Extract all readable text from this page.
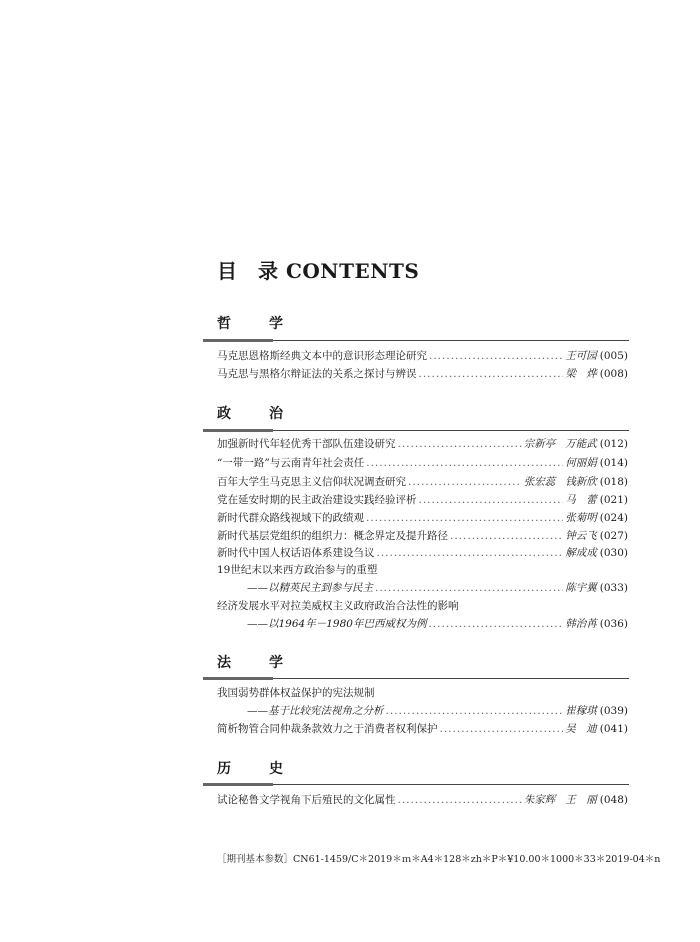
目　录 CONTENTS
哲　学
马克思恩格斯经典文本中的意识形态理论研究 .....	王可园 (005)
马克思与黑格尔辩证法的关系之探讨与辨误 .....	梁　烨 (008)
政　治
加强新时代年轻优秀干部队伍建设研究 .....	宗新亭 万能武 (012)
“一带一路”与云南青年社会责任 .....	何丽娟 (014)
百年大学生马克思主义信仰状况调查研究 .....	张宏蕊 钱新欣 (018)
党在延安时期的民主政治建设实践经验评析 .....	马　蕾 (021)
新时代群众路线视域下的政绩观 .....	张菊明 (024)
新时代基层党组织的组织力：概念界定及提升路径 .....	钟云飞 (027)
新时代中国人权话语体系建设刍议 .....	解成成 (030)
19世纪末以来西方政治参与的重塑
——以精英民主到参与民主 .....	陈宇翼 (033)
经济发展水平对拉美威权主义政府政治合法性的影响
——以1964年－1980年巴西威权为例 .....	韩治苒 (036)
法　学
我国弱势群体权益保护的宪法规制
——基于比较宪法视角之分析 .....	崔稼琪 (039)
简析物管合同仲裁条款效力之于消费者权利保护 .....	吴　迪 (041)
历　史
试论秘鲁文学视角下后殖民的文化属性 .....	朱家辉 王　丽 (048)
［期刊基本参数］CN61-1459/C＊2019＊ｍ＊A4＊128＊zh＊P＊¥10.00＊1000＊33＊2019-04＊n
